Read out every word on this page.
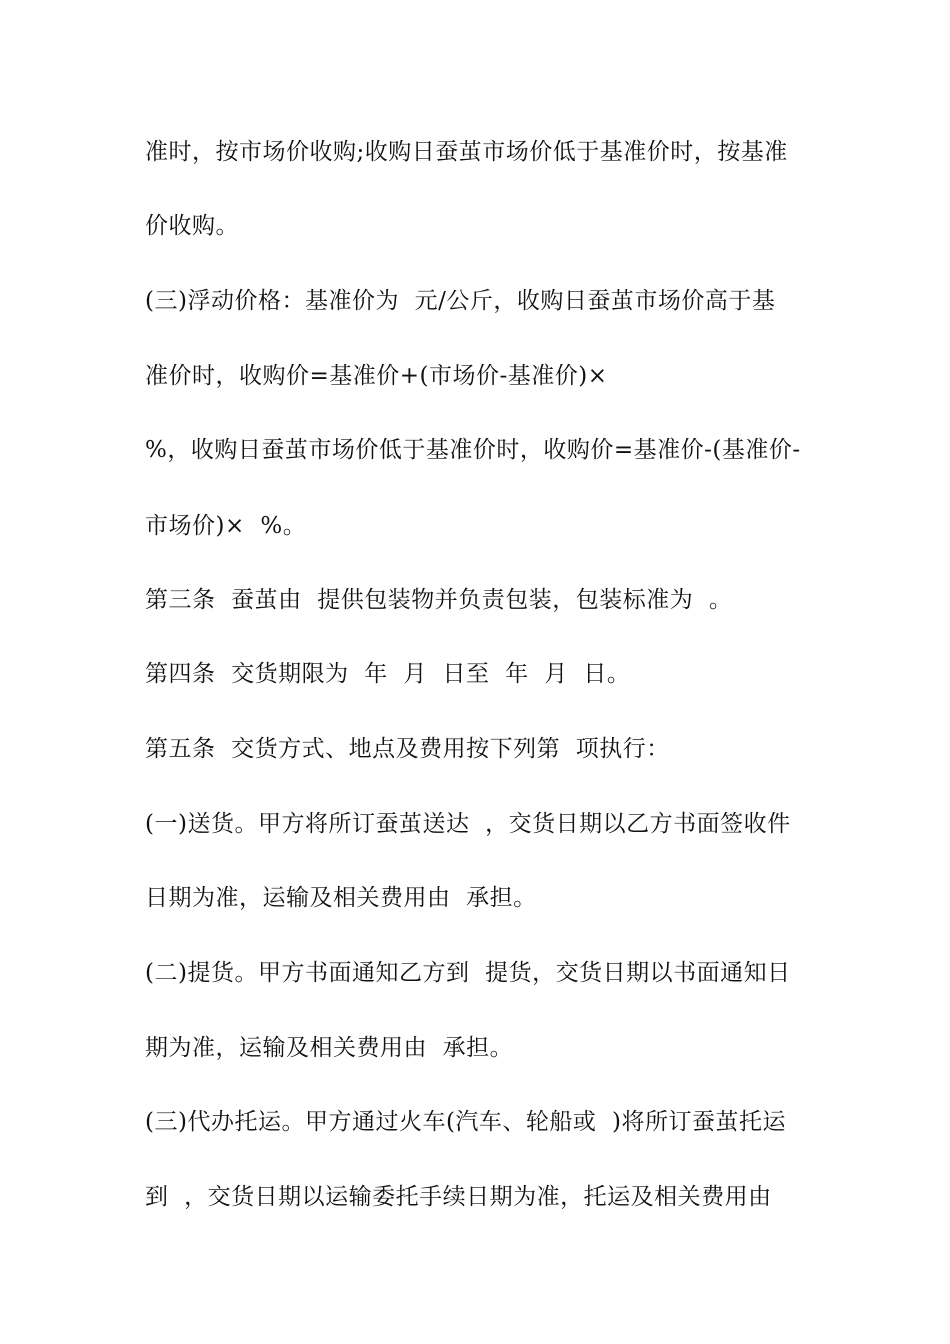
准时，按市场价收购;收购日蚕茧市场价低于基准价时，按基准
价收购。
(三)浮动价格：基准价为  元/公斤，收购日蚕茧市场价高于基
准价时，收购价=基准价+(市场价-基准价)×
%，收购日蚕茧市场价低于基准价时，收购价=基准价-(基准价-
市场价)×  %。
第三条  蚕茧由  提供包装物并负责包装，包装标准为  。
第四条  交货期限为  年  月  日至  年  月  日。
第五条  交货方式、地点及费用按下列第  项执行：
(一)送货。甲方将所订蚕茧送达  ，交货日期以乙方书面签收件
日期为准，运输及相关费用由  承担。
(二)提货。甲方书面通知乙方到  提货，交货日期以书面通知日
期为准，运输及相关费用由  承担。
(三)代办托运。甲方通过火车(汽车、轮船或  )将所订蚕茧托运
到  ，交货日期以运输委托手续日期为准，托运及相关费用由
